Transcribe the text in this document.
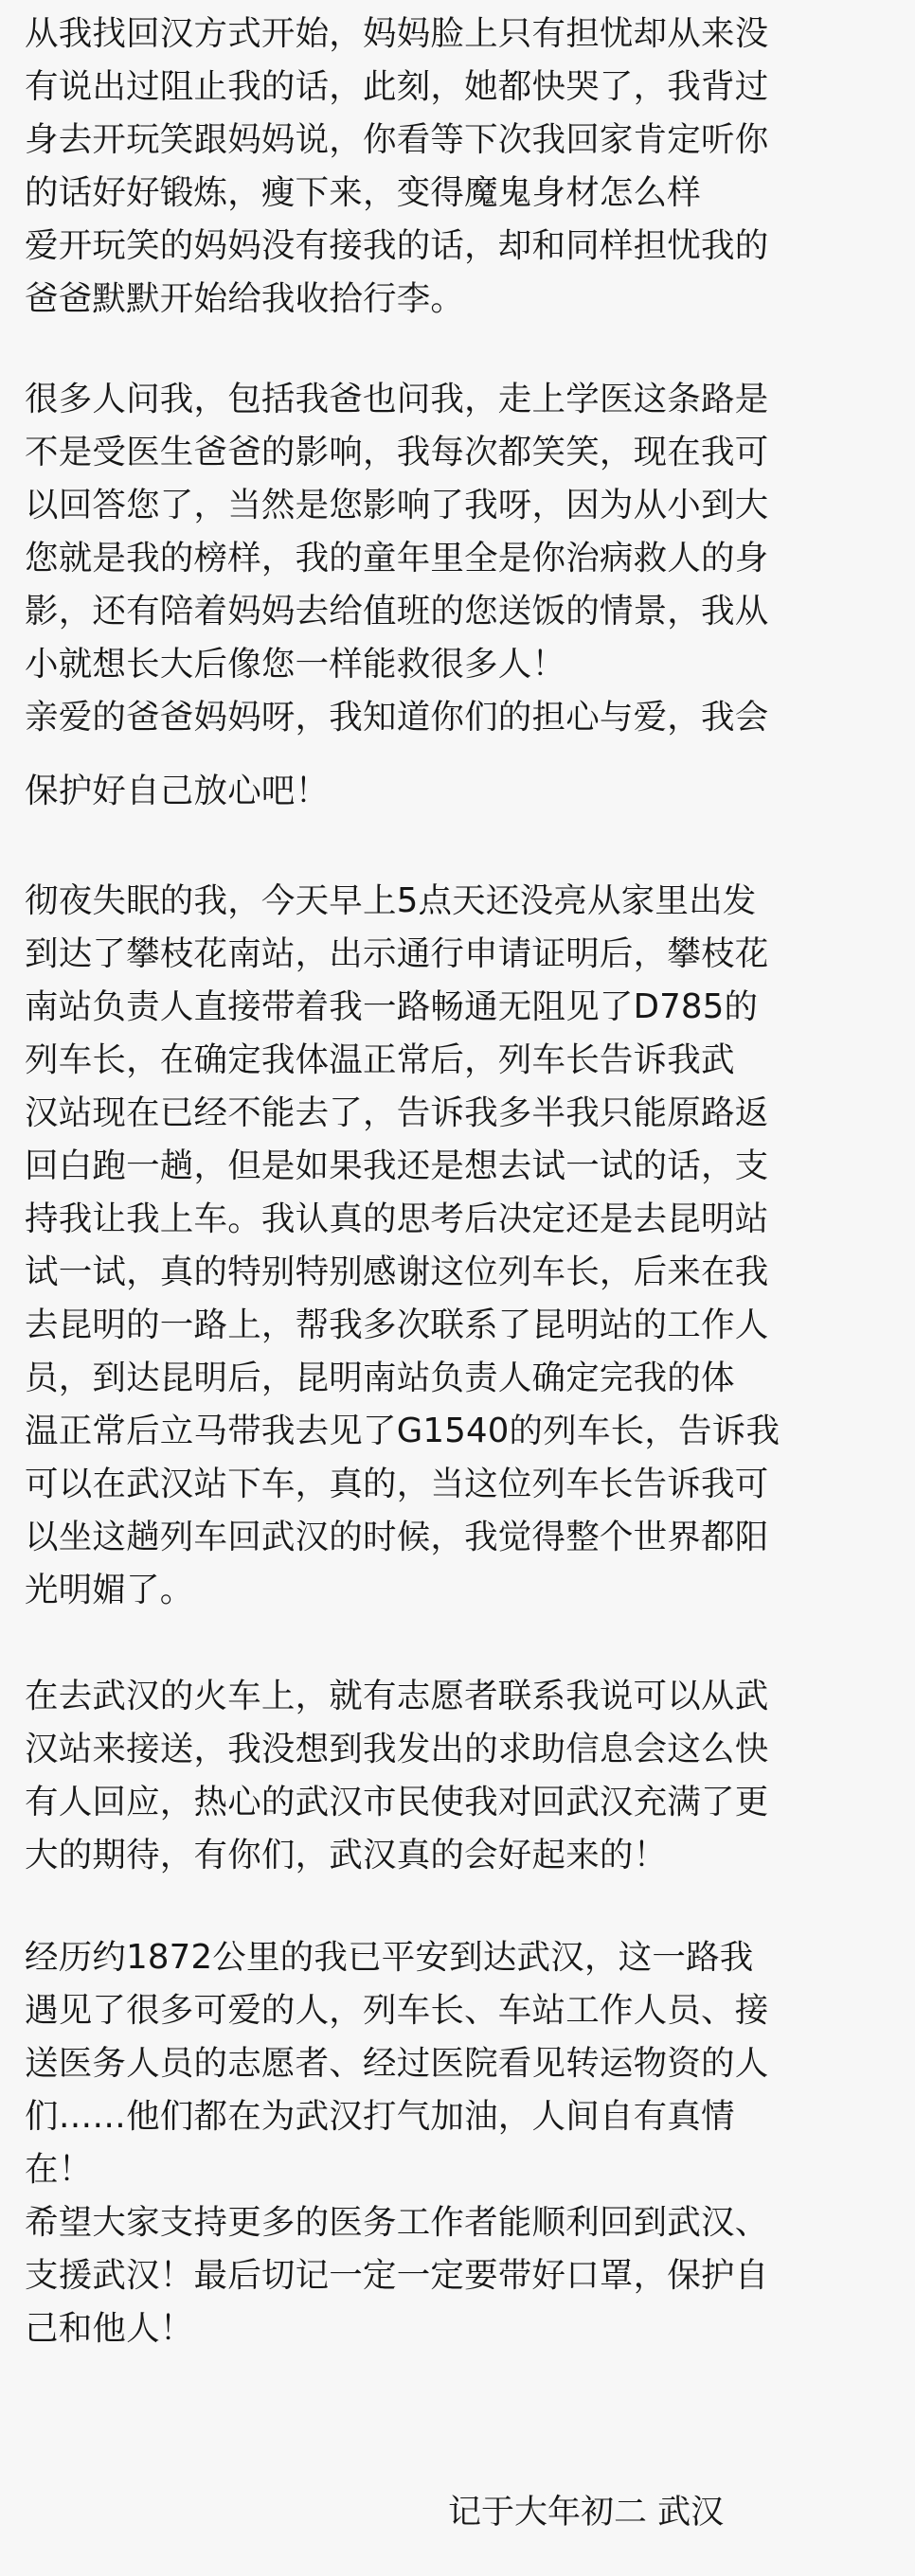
从我找回汉方式开始，妈妈脸上只有担忧却从来没
有说出过阻止我的话，此刻，她都快哭了，我背过
身去开玩笑跟妈妈说，你看等下次我回家肯定听你
的话好好锻炼，瘦下来，变得魔鬼身材怎么样
爱开玩笑的妈妈没有接我的话，却和同样担忧我的
爸爸默默开始给我收拾行李。
很多人问我，包括我爸也问我，走上学医这条路是
不是受医生爸爸的影响，我每次都笑笑，现在我可
以回答您了，当然是您影响了我呀，因为从小到大
您就是我的榜样，我的童年里全是你治病救人的身
影，还有陪着妈妈去给值班的您送饭的情景，我从
小就想长大后像您一样能救很多人！
亲爱的爸爸妈妈呀，我知道你们的担心与爱，我会
保护好自己放心吧！
彻夜失眠的我，今天早上5点天还没亮从家里出发
到达了攀枝花南站，出示通行申请证明后，攀枝花
南站负责人直接带着我一路畅通无阻见了D785的
列车长，在确定我体温正常后，列车长告诉我武
汉站现在已经不能去了，告诉我多半我只能原路返
回白跑一趟，但是如果我还是想去试一试的话，支
持我让我上车。我认真的思考后决定还是去昆明站
试一试，真的特别特别感谢这位列车长，后来在我
去昆明的一路上，帮我多次联系了昆明站的工作人
员，到达昆明后，昆明南站负责人确定完我的体
温正常后立马带我去见了G1540的列车长，告诉我
可以在武汉站下车，真的，当这位列车长告诉我可
以坐这趟列车回武汉的时候，我觉得整个世界都阳
光明媚了。
在去武汉的火车上，就有志愿者联系我说可以从武
汉站来接送，我没想到我发出的求助信息会这么快
有人回应，热心的武汉市民使我对回武汉充满了更
大的期待，有你们，武汉真的会好起来的！
经历约1872公里的我已平安到达武汉，这一路我
遇见了很多可爱的人，列车长、车站工作人员、接
送医务人员的志愿者、经过医院看见转运物资的人
们……他们都在为武汉打气加油，人间自有真情
在！
希望大家支持更多的医务工作者能顺利回到武汉、
支援武汉！最后切记一定一定要带好口罩，保护自
己和他人！
记于大年初二 武汉
